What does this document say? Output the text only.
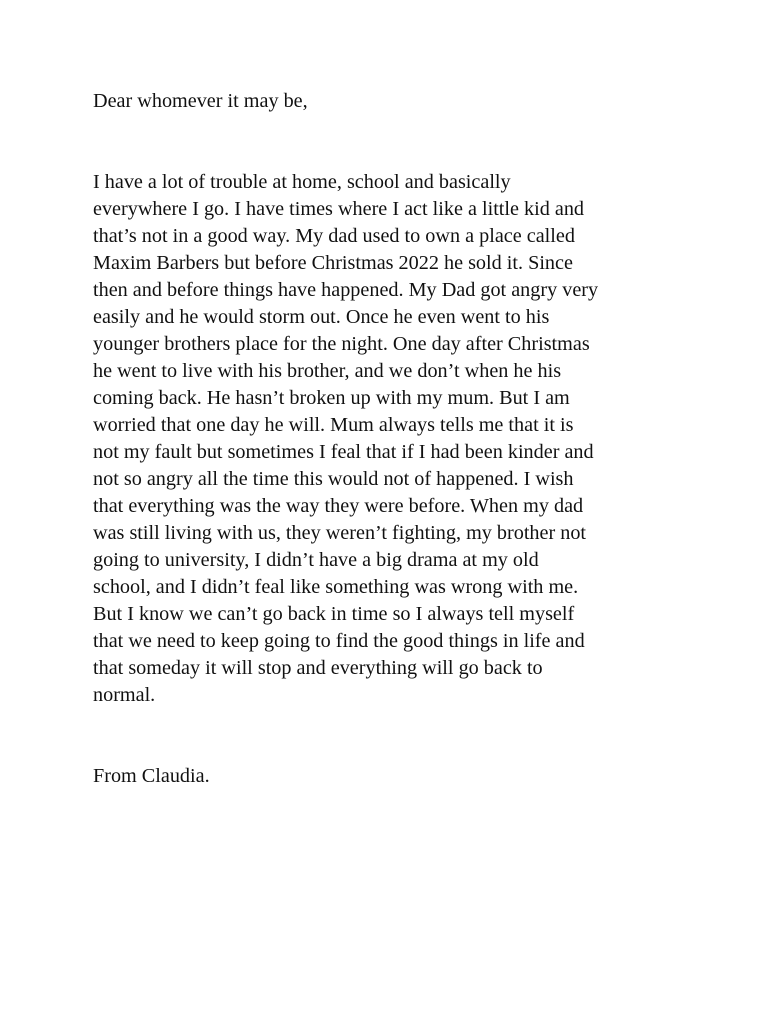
Dear whomever it may be,

I have a lot of trouble at home, school and basically
everywhere I go. I have times where I act like a little kid and
that’s not in a good way. My dad used to own a place called
Maxim Barbers but before Christmas 2022 he sold it. Since
then and before things have happened. My Dad got angry very
easily and he would storm out. Once he even went to his
younger brothers place for the night. One day after Christmas
he went to live with his brother, and we don’t when he his
coming back. He hasn’t broken up with my mum. But I am
worried that one day he will. Mum always tells me that it is
not my fault but sometimes I feal that if I had been kinder and
not so angry all the time this would not of happened. I wish
that everything was the way they were before. When my dad
was still living with us, they weren’t fighting, my brother not
going to university, I didn’t have a big drama at my old
school, and I didn’t feal like something was wrong with me.
But I know we can’t go back in time so I always tell myself
that we need to keep going to find the good things in life and
that someday it will stop and everything will go back to
normal.

From Claudia.
